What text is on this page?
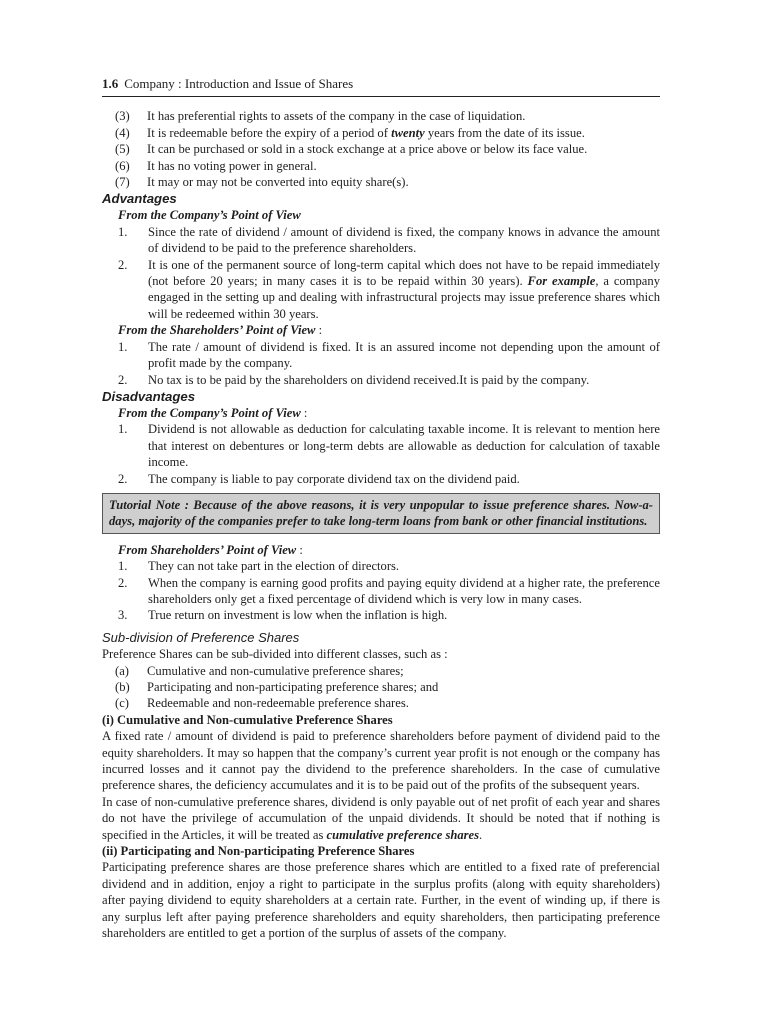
1.6 Company : Introduction and Issue of Shares
(3)	It has preferential rights to assets of the company in the case of liquidation.
(4)	It is redeemable before the expiry of a period of twenty years from the date of its issue.
(5)	It can be purchased or sold in a stock exchange at a price above or below its face value.
(6)	It has no voting power in general.
(7)	It may or may not be converted into equity share(s).
Advantages
From the Company’s Point of View
1.	Since the rate of dividend / amount of dividend is fixed, the company knows in advance the amount of dividend to be paid to the preference shareholders.
2.	It is one of the permanent source of long-term capital which does not have to be repaid immediately (not before 20 years; in many cases it is to be repaid within 30 years). For example, a company engaged in the setting up and dealing with infrastructural projects may issue preference shares which will be redeemed within 30 years.
From the Shareholders’ Point of View :
1.	The rate / amount of dividend is fixed. It is an assured income not depending upon the amount of profit made by the company.
2.	No tax is to be paid by the shareholders on dividend received.It is paid by the company.
Disadvantages
From the Company’s Point of View :
1.	Dividend is not allowable as deduction for calculating taxable income. It is relevant to mention here that interest on debentures or long-term debts are allowable as deduction for calculation of taxable income.
2.	The company is liable to pay corporate dividend tax on the dividend paid.
Tutorial Note : Because of the above reasons, it is very unpopular to issue preference shares. Now-a-days, majority of the companies prefer to take long-term loans from bank or other financial institutions.
From Shareholders’ Point of View :
1.	They can not take part in the election of directors.
2.	When the company is earning good profits and paying equity dividend at a higher rate, the preference shareholders only get a fixed percentage of dividend which is very low in many cases.
3.	True return on investment is low when the inflation is high.
Sub-division of Preference Shares
Preference Shares can be sub-divided into different classes, such as :
(a)	Cumulative and non-cumulative preference shares;
(b)	Participating and non-participating preference shares; and
(c)	Redeemable and non-redeemable preference shares.
(i) Cumulative and Non-cumulative Preference Shares
A fixed rate / amount of dividend is paid to preference shareholders before payment of dividend paid to the equity shareholders. It may so happen that the company’s current year profit is not enough or the company has incurred losses and it cannot pay the dividend to the preference shareholders. In the case of cumulative preference shares, the deficiency accumulates and it is to be paid out of the profits of the subsequent years.
In case of non-cumulative preference shares, dividend is only payable out of net profit of each year and shares do not have the privilege of accumulation of the unpaid dividends. It should be noted that if nothing is specified in the Articles, it will be treated as cumulative preference shares.
(ii) Participating and Non-participating Preference Shares
Participating preference shares are those preference shares which are entitled to a fixed rate of preferencial dividend and in addition, enjoy a right to participate in the surplus profits (along with equity shareholders) after paying dividend to equity shareholders at a certain rate. Further, in the event of winding up, if there is any surplus left after paying preference shareholders and equity shareholders, then participating preference shareholders are entitled to get a portion of the surplus of assets of the company.
